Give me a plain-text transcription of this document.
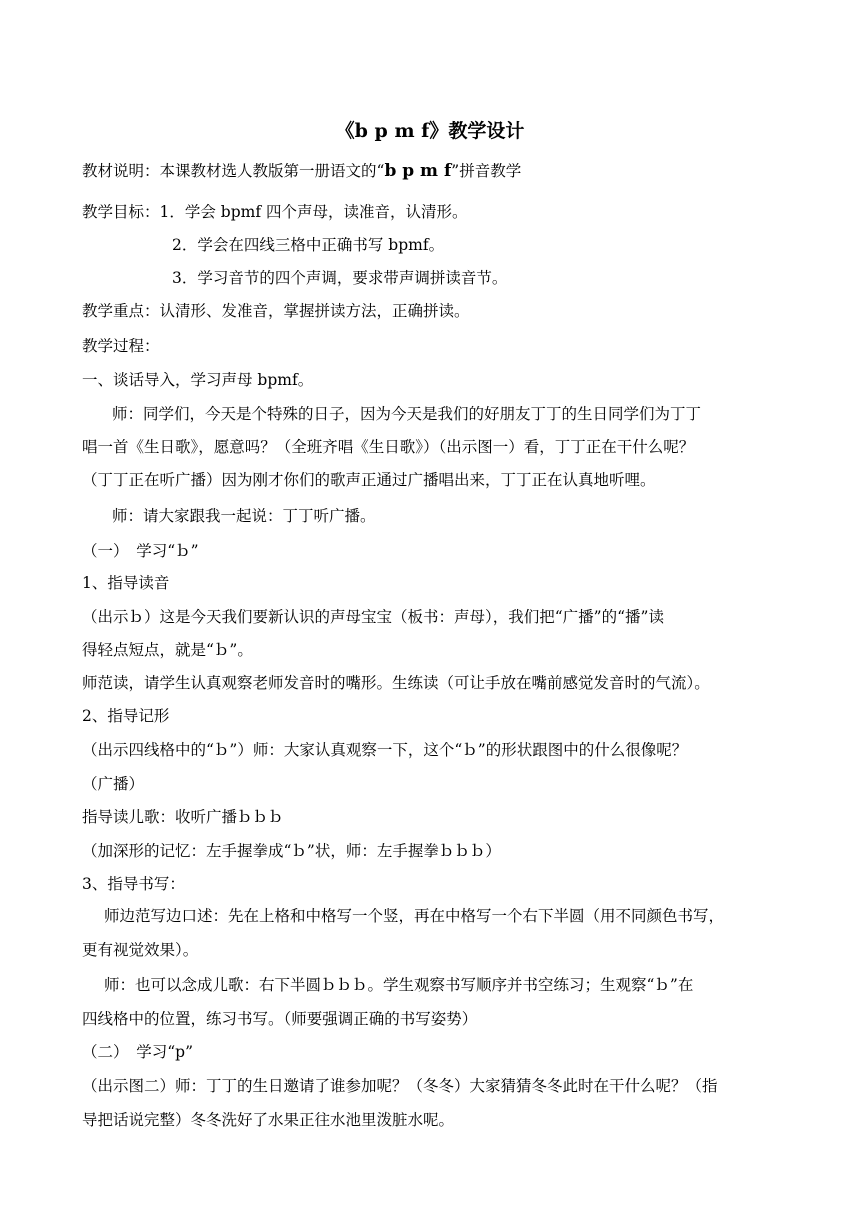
《b p m f》教学设计
教材说明：本课教材选人教版第一册语文的“b p m f”拼音教学
教学目标：1．学会 bpmf 四个声母，读准音，认清形。
2．学会在四线三格中正确书写 bpmf。
3．学习音节的四个声调，要求带声调拼读音节。
教学重点：认清形、发准音，掌握拼读方法，正确拼读。
教学过程：
一、谈话导入，学习声母 bpmf。
师：同学们，今天是个特殊的日子，因为今天是我们的好朋友丁丁的生日同学们为丁丁
唱一首《生日歌》，愿意吗？（全班齐唱《生日歌》）（出示图一）看，丁丁正在干什么呢？
（丁丁正在听广播）因为刚才你们的歌声正通过广播唱出来，丁丁正在认真地听哩。
师：请大家跟我一起说：丁丁听广播。
（一）　学习“ｂ”
1、指导读音
（出示ｂ）这是今天我们要新认识的声母宝宝（板书：声母），我们把“广播”的“播”读
得轻点短点，就是“ｂ”。
师范读，请学生认真观察老师发音时的嘴形。生练读（可让手放在嘴前感觉发音时的气流）。
2、指导记形
（出示四线格中的“ｂ”）师：大家认真观察一下，这个“ｂ”的形状跟图中的什么很像呢？
（广播）
指导读儿歌：收听广播ｂｂｂ
（加深形的记忆：左手握拳成“ｂ”状，师：左手握拳ｂｂｂ）
3、指导书写：
师边范写边口述：先在上格和中格写一个竖，再在中格写一个右下半圆（用不同颜色书写，
更有视觉效果）。
师：也可以念成儿歌：右下半圆ｂｂｂ。学生观察书写顺序并书空练习；生观察“ｂ”在
四线格中的位置，练习书写。（师要强调正确的书写姿势）
（二）　学习“p”
（出示图二）师：丁丁的生日邀请了谁参加呢？（冬冬）大家猜猜冬冬此时在干什么呢？（指
导把话说完整）冬冬洗好了水果正往水池里泼脏水呢。
